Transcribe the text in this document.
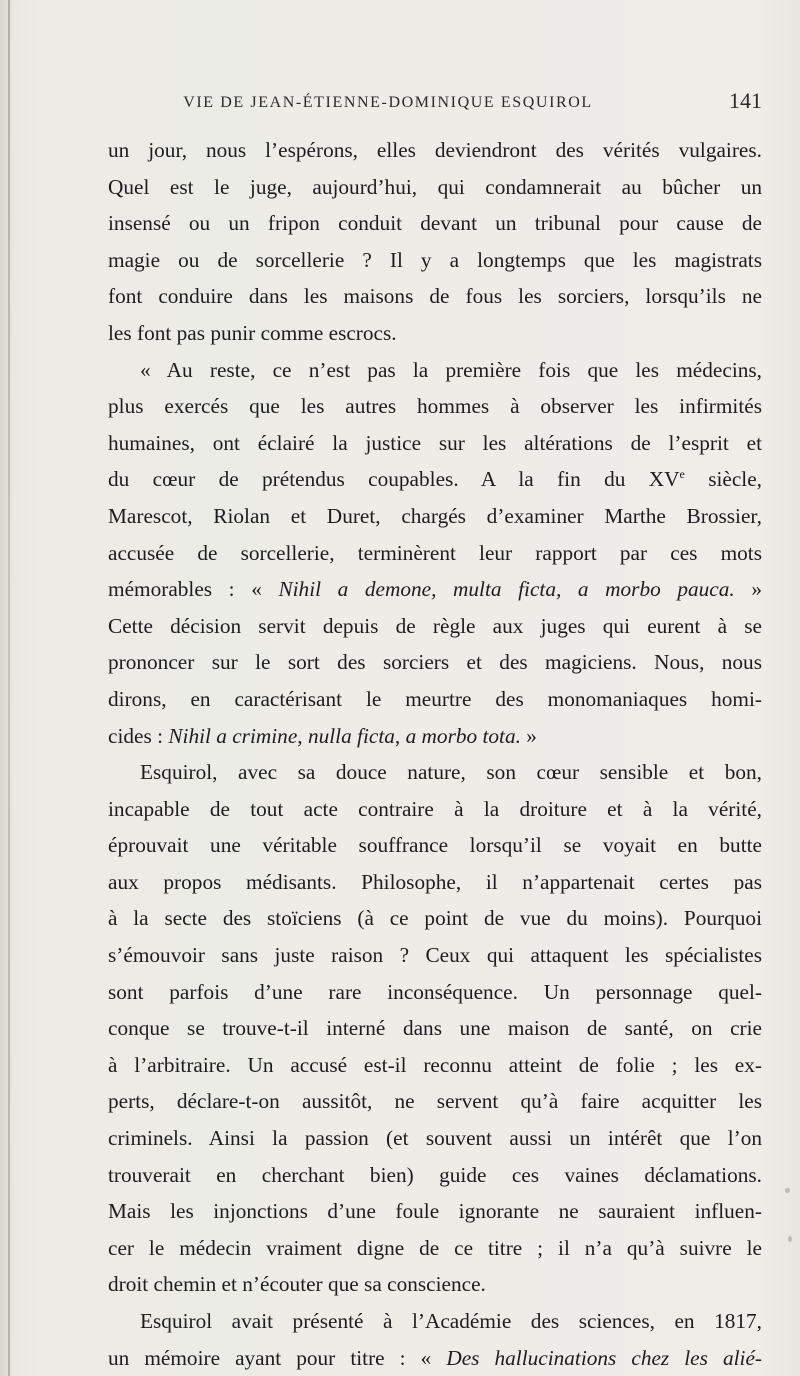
VIE DE JEAN-ÉTIENNE-DOMINIQUE ESQUIROL	141
un jour, nous l’espérons, elles deviendront des vérités vulgaires.
Quel est le juge, aujourd’hui, qui condamnerait au bûcher un
insensé ou un fripon conduit devant un tribunal pour cause de
magie ou de sorcellerie ? Il y a longtemps que les magistrats
font conduire dans les maisons de fous les sorciers, lorsqu’ils ne
les font pas punir comme escrocs.
« Au reste, ce n’est pas la première fois que les médecins,
plus exercés que les autres hommes à observer les infirmités
humaines, ont éclairé la justice sur les altérations de l’esprit et
du cœur de prétendus coupables. A la fin du XVe siècle,
Marescot, Riolan et Duret, chargés d’examiner Marthe Brossier,
accusée de sorcellerie, terminèrent leur rapport par ces mots
mémorables : « Nihil a demone, multa ficta, a morbo pauca. »
Cette décision servit depuis de règle aux juges qui eurent à se
prononcer sur le sort des sorciers et des magiciens. Nous, nous
dirons, en caractérisant le meurtre des monomaniaques homi-
cides : Nihil a crimine, nulla ficta, a morbo tota. »
Esquirol, avec sa douce nature, son cœur sensible et bon,
incapable de tout acte contraire à la droiture et à la vérité,
éprouvait une véritable souffrance lorsqu’il se voyait en butte
aux propos médisants. Philosophe, il n’appartenait certes pas
à la secte des stoïciens (à ce point de vue du moins). Pourquoi
s’émouvoir sans juste raison ? Ceux qui attaquent les spécialistes
sont parfois d’une rare inconséquence. Un personnage quel-
conque se trouve-t-il interné dans une maison de santé, on crie
à l’arbitraire. Un accusé est-il reconnu atteint de folie ; les ex-
perts, déclare-t-on aussitôt, ne servent qu’à faire acquitter les
criminels. Ainsi la passion (et souvent aussi un intérêt que l’on
trouverait en cherchant bien) guide ces vaines déclamations.
Mais les injonctions d’une foule ignorante ne sauraient influen-
cer le médecin vraiment digne de ce titre ; il n’a qu’à suivre le
droit chemin et n’écouter que sa conscience.
Esquirol avait présenté à l’Académie des sciences, en 1817,
un mémoire ayant pour titre : « Des hallucinations chez les alié-
